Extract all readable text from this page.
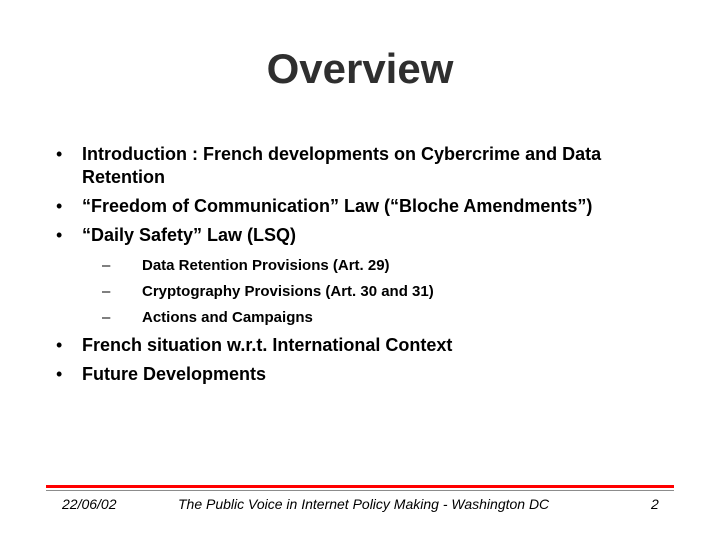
Overview
• Introduction : French developments on Cybercrime and Data Retention
• “Freedom of Communication” Law (“Bloche Amendments”)
• “Daily Safety” Law (LSQ)
– Data Retention Provisions (Art. 29)
– Cryptography Provisions (Art. 30 and 31)
– Actions and Campaigns
• French situation w.r.t. International Context
• Future Developments
22/06/02	The Public Voice in Internet Policy Making - Washington DC	2
